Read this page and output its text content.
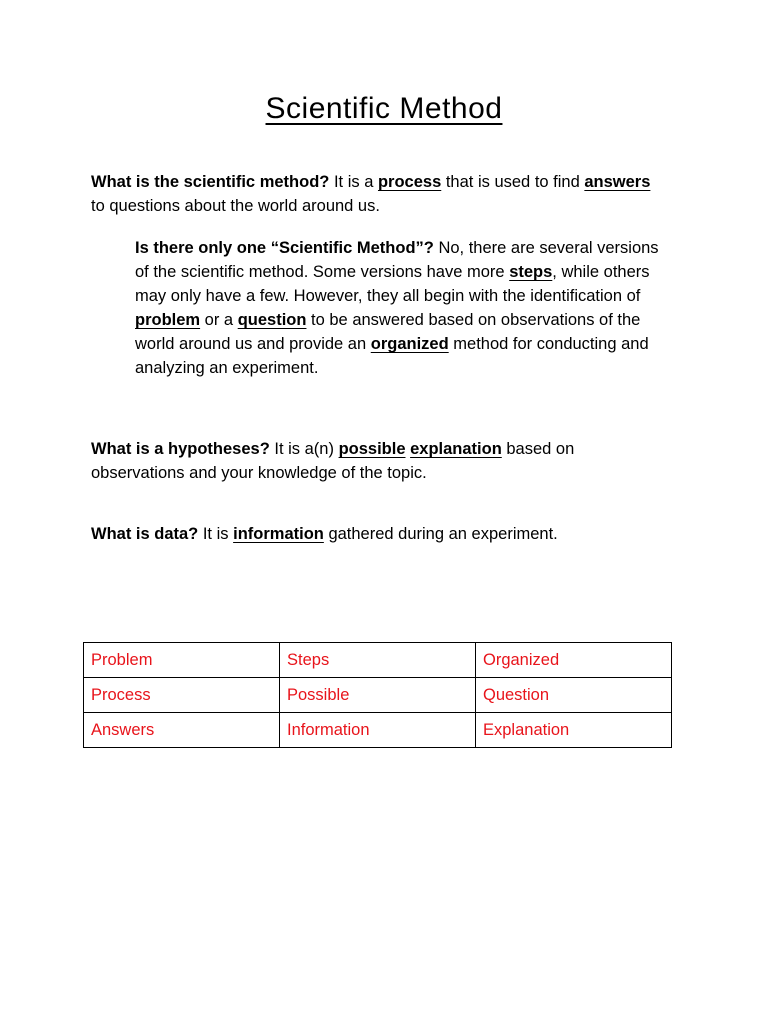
Scientific Method
What is the scientific method? It is a process that is used to find answers to questions about the world around us.
Is there only one “Scientific Method”? No, there are several versions of the scientific method. Some versions have more steps, while others may only have a few. However, they all begin with the identification of problem or a question to be answered based on observations of the world around us and provide an organized method for conducting and analyzing an experiment.
What is a hypotheses? It is a(n) possible explanation based on observations and your knowledge of the topic.
What is data? It is information gathered during an experiment.
Problem	Steps	Organized
Process	Possible	Question
Answers	Information	Explanation
